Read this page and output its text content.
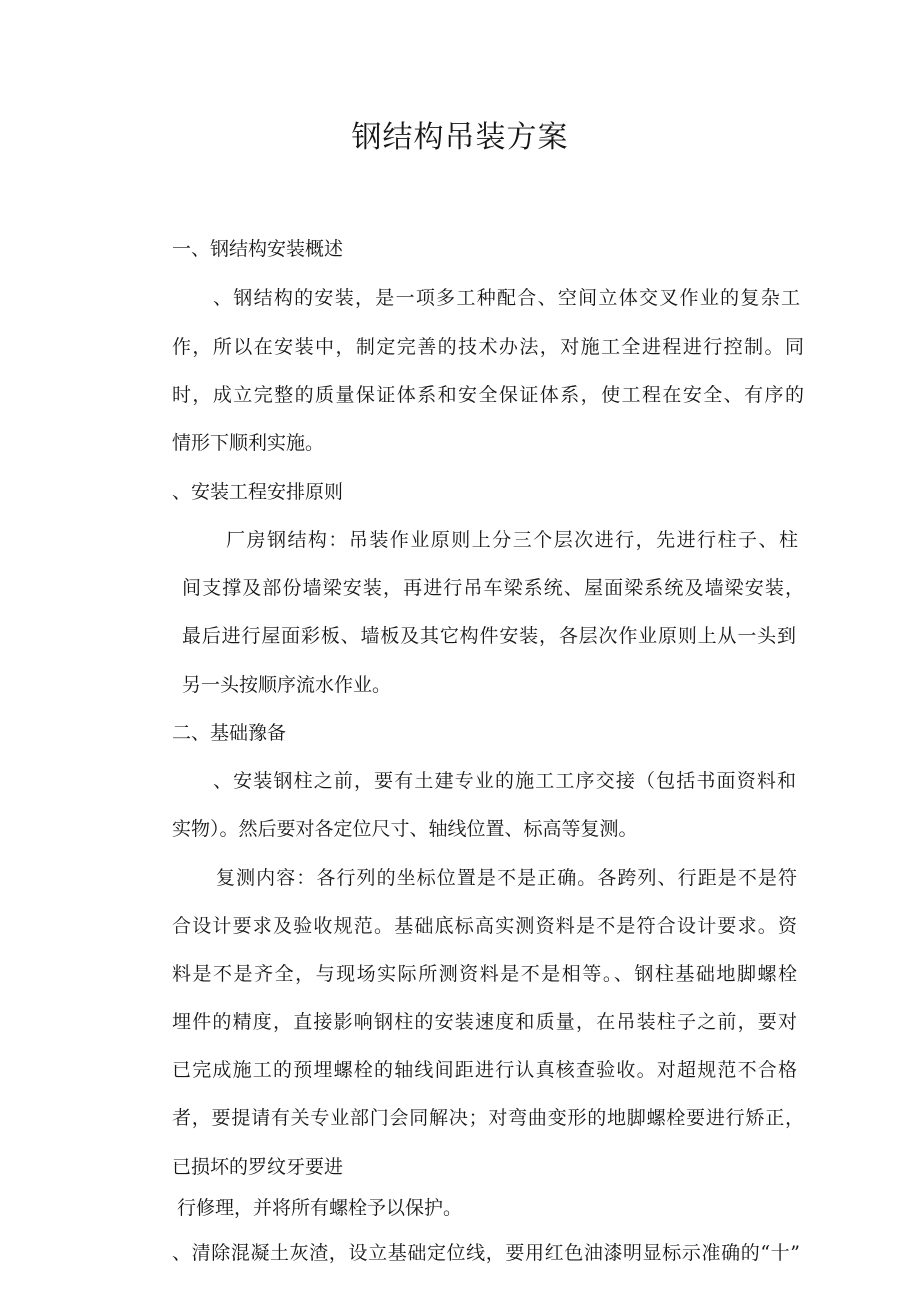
钢结构吊装方案
一、钢结构安装概述
、钢结构的安装，是一项多工种配合、空间立体交叉作业的复杂工
作，所以在安装中，制定完善的技术办法，对施工全进程进行控制。同
时，成立完整的质量保证体系和安全保证体系，使工程在安全、有序的
情形下顺利实施。
、安装工程安排原则
厂房钢结构：吊装作业原则上分三个层次进行，先进行柱子、柱
间支撑及部份墙梁安装，再进行吊车梁系统、屋面梁系统及墙梁安装，
最后进行屋面彩板、墙板及其它构件安装，各层次作业原则上从一头到
另一头按顺序流水作业。
二、基础豫备
、安装钢柱之前，要有土建专业的施工工序交接（包括书面资料和
实物）。然后要对各定位尺寸、轴线位置、标高等复测。
复测内容：各行列的坐标位置是不是正确。各跨列、行距是不是符
合设计要求及验收规范。基础底标高实测资料是不是符合设计要求。资
料是不是齐全，与现场实际所测资料是不是相等。、钢柱基础地脚螺栓
埋件的精度，直接影响钢柱的安装速度和质量，在吊装柱子之前，要对
已完成施工的预埋螺栓的轴线间距进行认真核查验收。对超规范不合格
者，要提请有关专业部门会同解决；对弯曲变形的地脚螺栓要进行矫正，
已损坏的罗纹牙要进
行修理，并将所有螺栓予以保护。
、清除混凝土灰渣，设立基础定位线，要用红色油漆明显标示准确的“十”
